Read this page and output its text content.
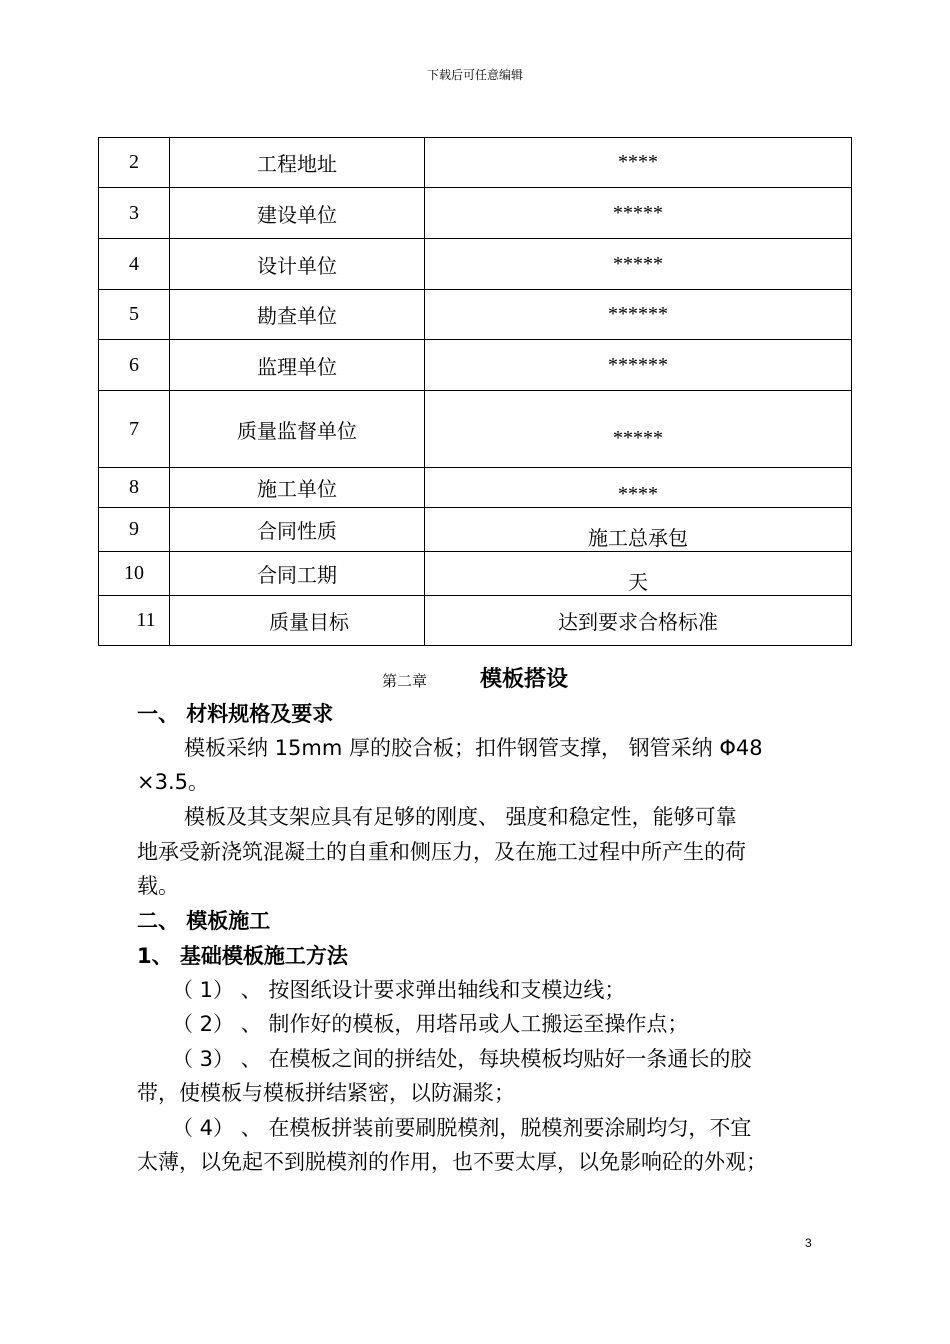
下载后可任意编辑
2	工程地址	****
3	建设单位	*****
4	设计单位	*****
5	勘查单位	******
6	监理单位	******
7	质量监督单位	*****
8	施工单位	****
9	合同性质	施工总承包
10	合同工期	天
11	质量目标	达到要求合格标准
第二章 模板搭设
一、 材料规格及要求
模板采纳 15mm 厚的胶合板；扣件钢管支撑， 钢管采纳 Φ48
×3.5。
模板及其支架应具有足够的刚度、 强度和稳定性，能够可靠
地承受新浇筑混凝土的自重和侧压力，及在施工过程中所产生的荷
载。
二、 模板施工
1、 基础模板施工方法
（ 1） 、 按图纸设计要求弹出轴线和支模边线；
（ 2） 、 制作好的模板，用塔吊或人工搬运至操作点；
（ 3） 、 在模板之间的拼结处，每块模板均贴好一条通长的胶
带，使模板与模板拼结紧密，以防漏浆；
（ 4） 、 在模板拼装前要刷脱模剂，脱模剂要涂刷均匀，不宜
太薄，以免起不到脱模剂的作用，也不要太厚，以免影响砼的外观；
3
